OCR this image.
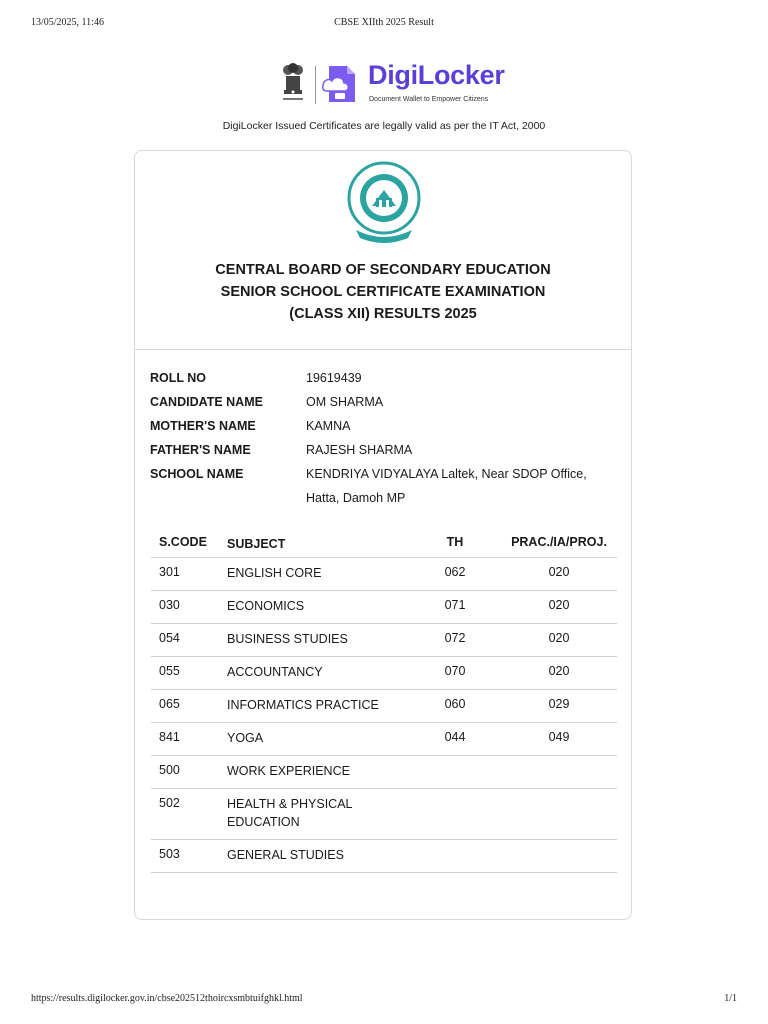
13/05/2025, 11:46	CBSE XIIth 2025 Result
DigiLocker
Document Wallet to Empower Citizens
DigiLocker Issued Certificates are legally valid as per the IT Act, 2000
CENTRAL BOARD OF SECONDARY EDUCATION
SENIOR SCHOOL CERTIFICATE EXAMINATION
(CLASS XII) RESULTS 2025
ROLL NO	19619439
CANDIDATE NAME	OM SHARMA
MOTHER'S NAME	KAMNA
FATHER'S NAME	RAJESH SHARMA
SCHOOL NAME	KENDRIYA VIDYALAYA Laltek, Near SDOP Office,
Hatta, Damoh MP
S.CODE SUBJECT	TH	PRAC./IA/PROJ.
301	ENGLISH CORE	062	020
030	ECONOMICS	071	020
054	BUSINESS STUDIES	072	020
055	ACCOUNTANCY	070	020
065	INFORMATICS PRACTICE	060	029
841	YOGA	044	049
500	WORK EXPERIENCE
502	HEALTH & PHYSICAL EDUCATION
503	GENERAL STUDIES
https://results.digilocker.gov.in/cbse202512thoircxsmbtuifghkl.html	1/1
